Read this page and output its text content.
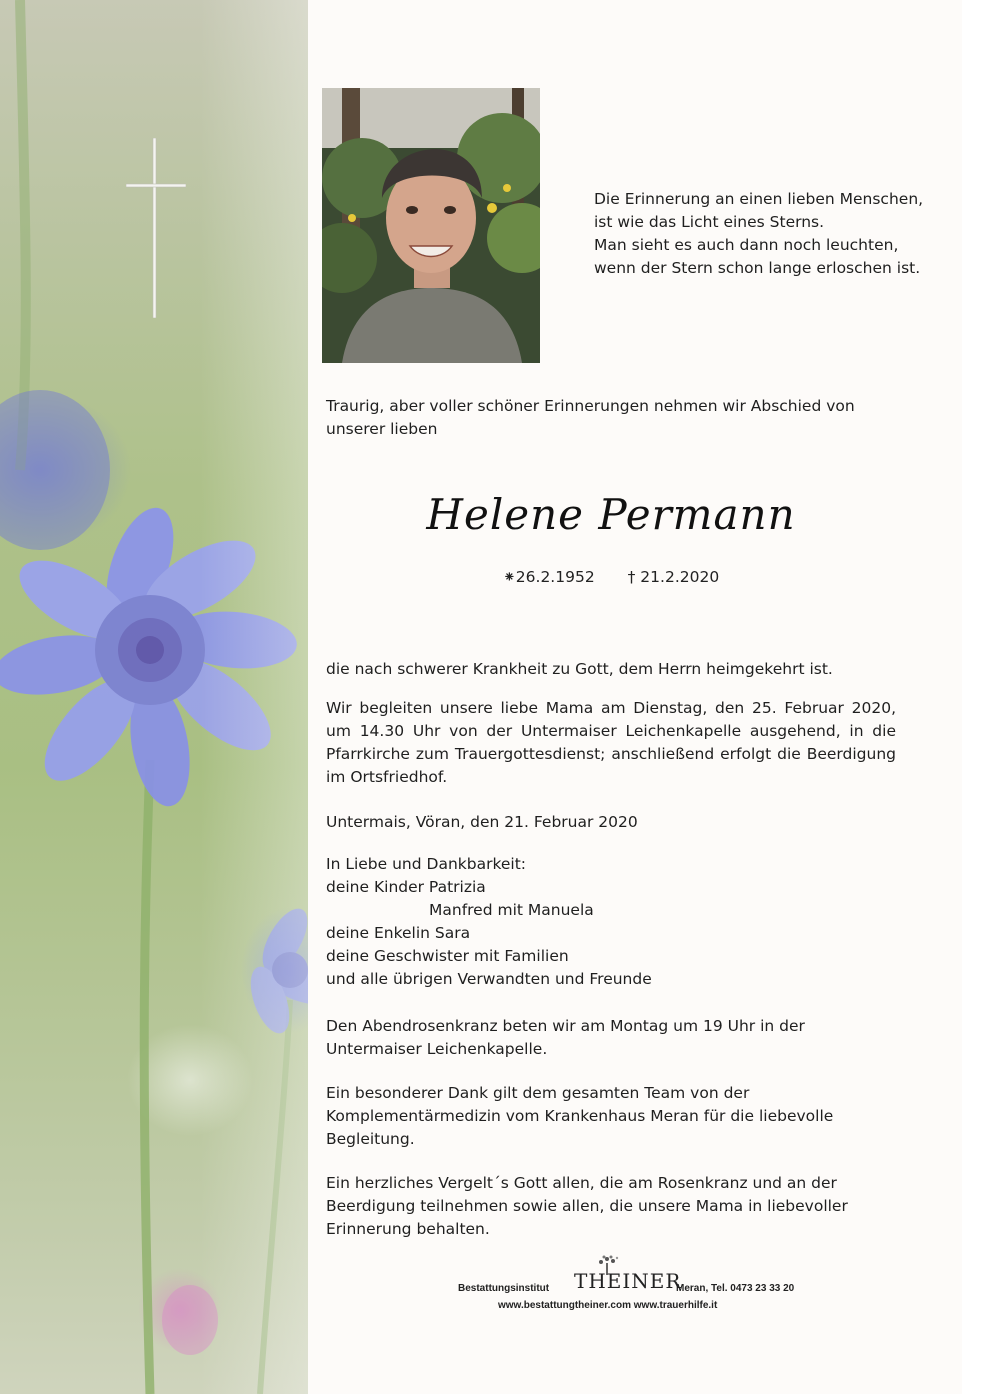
Die Erinnerung an einen lieben Menschen,
ist wie das Licht eines Sterns.
Man sieht es auch dann noch leuchten,
wenn der Stern schon lange erloschen ist.
Traurig, aber voller schöner Erinnerungen nehmen wir Abschied von unserer lieben
Helene Permann
⁕26.2.1952 † 21.2.2020
die nach schwerer Krankheit zu Gott, dem Herrn heimgekehrt ist.
Wir begleiten unsere liebe Mama am Dienstag, den 25. Februar 2020, um 14.30 Uhr von der Untermaiser Leichenkapelle ausgehend, in die Pfarrkirche zum Trauergottesdienst; anschließend erfolgt die Beerdigung im Ortsfriedhof.
Untermais, Vöran, den 21. Februar 2020
In Liebe und Dankbarkeit:
deine Kinder Patrizia
Manfred mit Manuela
deine Enkelin Sara
deine Geschwister mit Familien
und alle übrigen Verwandten und Freunde
Den Abendrosenkranz beten wir am Montag um 19 Uhr in der Untermaiser Leichenkapelle.
Ein besonderer Dank gilt dem gesamten Team von der Komplementärmedizin vom Krankenhaus Meran für die liebevolle Begleitung.
Ein herzliches Vergelt´s Gott allen, die am Rosenkranz und an der Beerdigung teilnehmen sowie allen, die unsere Mama in liebevoller Erinnerung behalten.
Bestattungsinstitut THEINER
Meran, Tel. 0473 23 33 20
www.bestattungtheiner.com www.trauerhilfe.it
